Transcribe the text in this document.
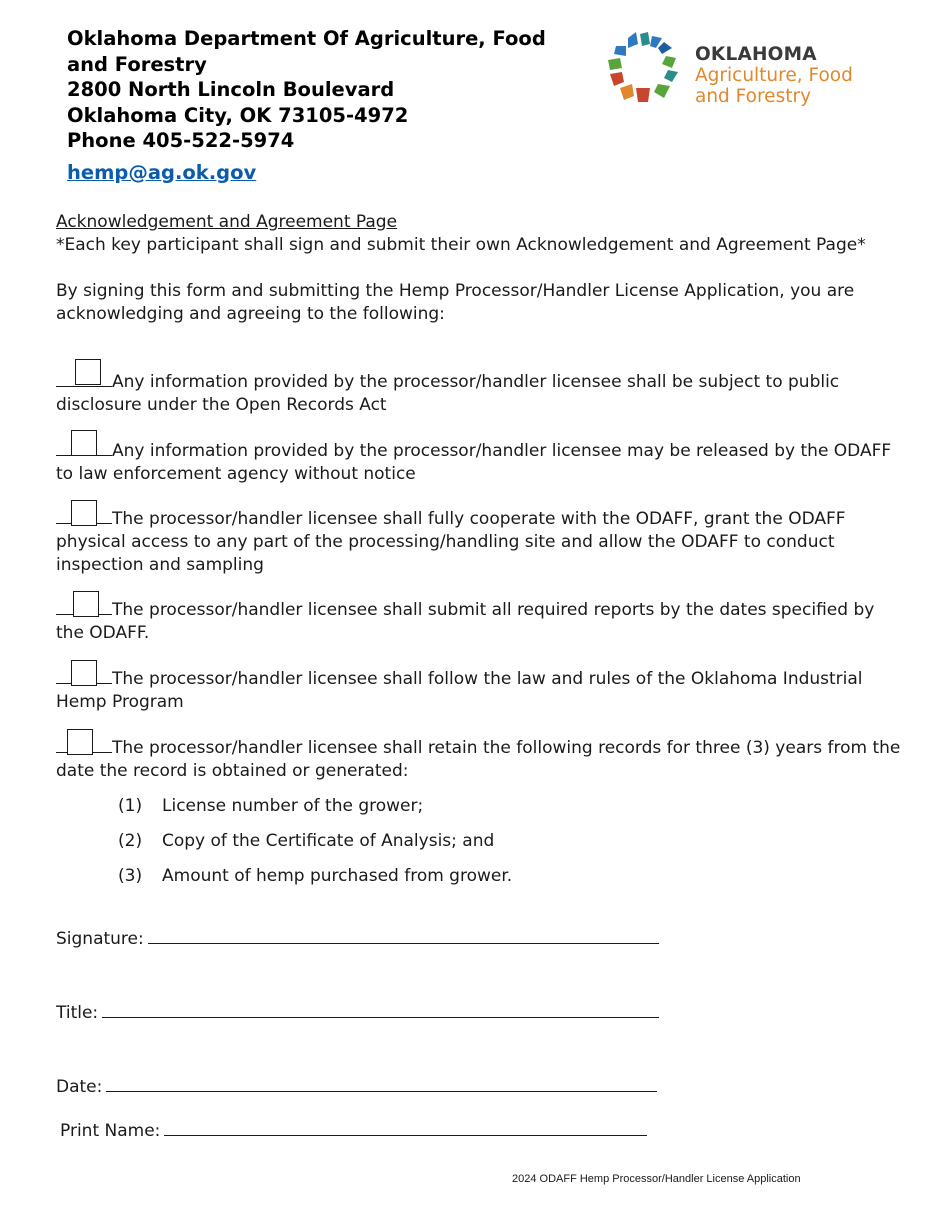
Oklahoma Department Of Agriculture, Food
and Forestry
2800 North Lincoln Boulevard
Oklahoma City, OK 73105-4972
Phone 405-522-5974
hemp@ag.ok.gov
OKLAHOMA
Agriculture, Food
and Forestry
Acknowledgement and Agreement Page
*Each key participant shall sign and submit their own Acknowledgement and Agreement Page*
By signing this form and submitting the Hemp Processor/Handler License Application, you are acknowledging and agreeing to the following:
Any information provided by the processor/handler licensee shall be subject to public disclosure under the Open Records Act
Any information provided by the processor/handler licensee may be released by the ODAFF to law enforcement agency without notice
The processor/handler licensee shall fully cooperate with the ODAFF, grant the ODAFF physical access to any part of the processing/handling site and allow the ODAFF to conduct inspection and sampling
The processor/handler licensee shall submit all required reports by the dates specified by the ODAFF.
The processor/handler licensee shall follow the law and rules of the Oklahoma Industrial Hemp Program
The processor/handler licensee shall retain the following records for three (3) years from the date the record is obtained or generated:
(1) License number of the grower;
(2) Copy of the Certificate of Analysis; and
(3) Amount of hemp purchased from grower.
Signature:
Title:
Date:
Print Name:
2024 ODAFF Hemp Processor/Handler License Application
